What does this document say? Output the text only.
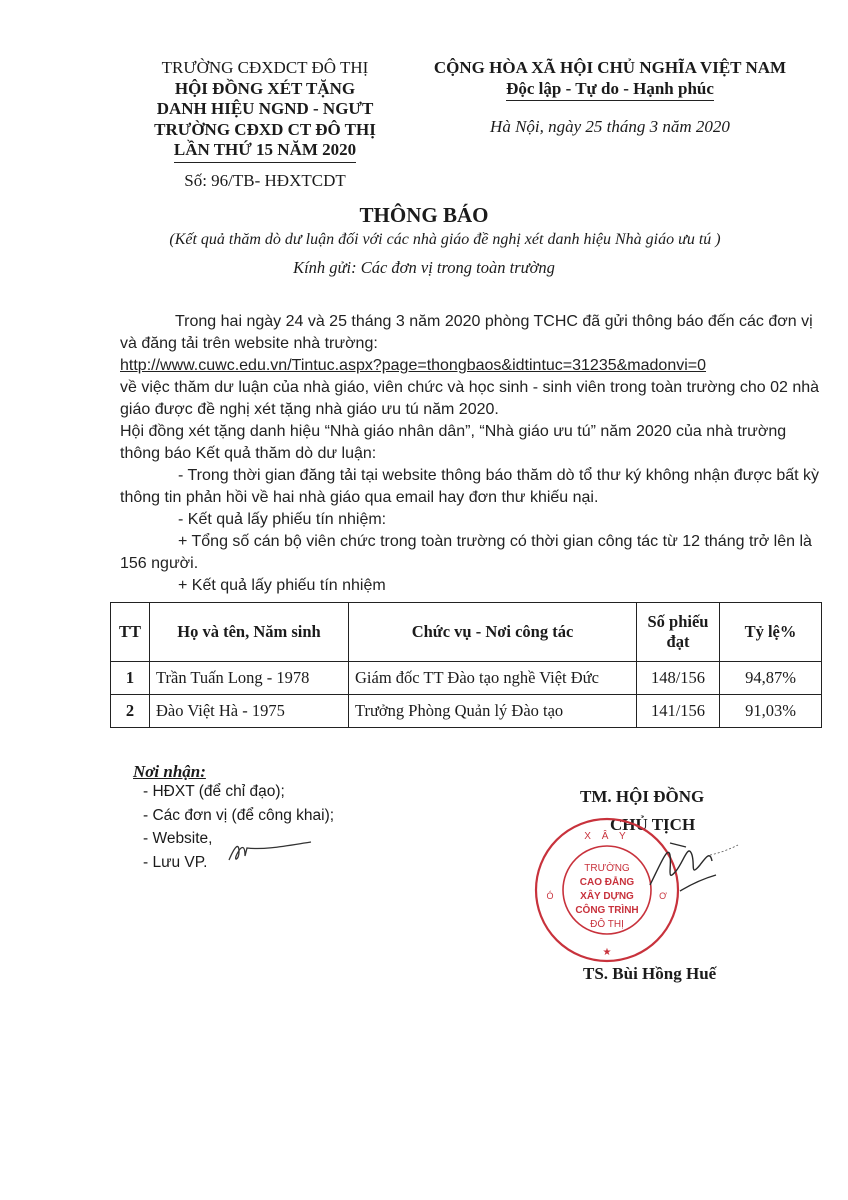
TRƯỜNG CĐXDCT ĐÔ THỊ
HỘI ĐỒNG XÉT TẶNG
DANH HIỆU NGND - NGƯT
TRƯỜNG CĐXD CT ĐÔ THỊ
LẦN THỨ 15 NĂM 2020
Số: 96/TB- HĐXTCDT
CỘNG HÒA XÃ HỘI CHỦ NGHĨA VIỆT NAM
Độc lập - Tự do - Hạnh phúc
Hà Nội, ngày 25 tháng 3 năm 2020
THÔNG BÁO
(Kết quả thăm dò dư luận đối với các nhà giáo đề nghị xét danh hiệu Nhà giáo ưu tú )
Kính gửi: Các đơn vị trong toàn trường

Trong hai ngày 24 và 25 tháng 3 năm 2020 phòng TCHC đã gửi thông báo đến các đơn vị và đăng tải trên website nhà trường:

http://www.cuwc.edu.vn/Tintuc.aspx?page=thongbaos&idtintuc=31235&madonvi=0

về việc thăm dư luận của nhà giáo, viên chức và học sinh - sinh viên trong toàn trường cho 02 nhà giáo được đề nghị xét tặng nhà giáo ưu tú năm 2020.

Hội đồng xét tặng danh hiệu “Nhà giáo nhân dân”, “Nhà giáo ưu tú” năm 2020 của nhà trường thông báo Kết quả thăm dò dư luận:

- Trong thời gian đăng tải tại website thông báo thăm dò tổ thư ký không nhận được bất kỳ thông tin phản hồi về hai nhà giáo qua email hay đơn thư khiếu nại.

- Kết quả lấy phiếu tín nhiệm:

+ Tổng số cán bộ viên chức trong toàn trường có thời gian công tác từ 12 tháng trở lên là 156 người.

+ Kết quả lấy phiếu tín nhiệm

TT	Họ và tên, Năm sinh	Chức vụ - Nơi công tác	Số phiếu đạt	Tỷ lệ%
1	Trần Tuấn Long - 1978	Giám đốc TT Đào tạo nghề Việt Đức	148/156	94,87%
2	Đào Việt Hà - 1975	Trưởng Phòng Quản lý Đào tạo	141/156	91,03%
Nơi nhận:
- HĐXT (để chỉ đạo);
- Các đơn vị (để công khai);
- Website,
- Lưu VP.
TM. HỘI ĐỒNG
CHỦ TỊCH
X Â Y
Ó	Ơ
★
TRƯỜNG
CAO ĐẲNG
XÂY DỰNG
CÔNG TRÌNH
ĐÔ THỊ
TS. Bùi Hồng Huế
